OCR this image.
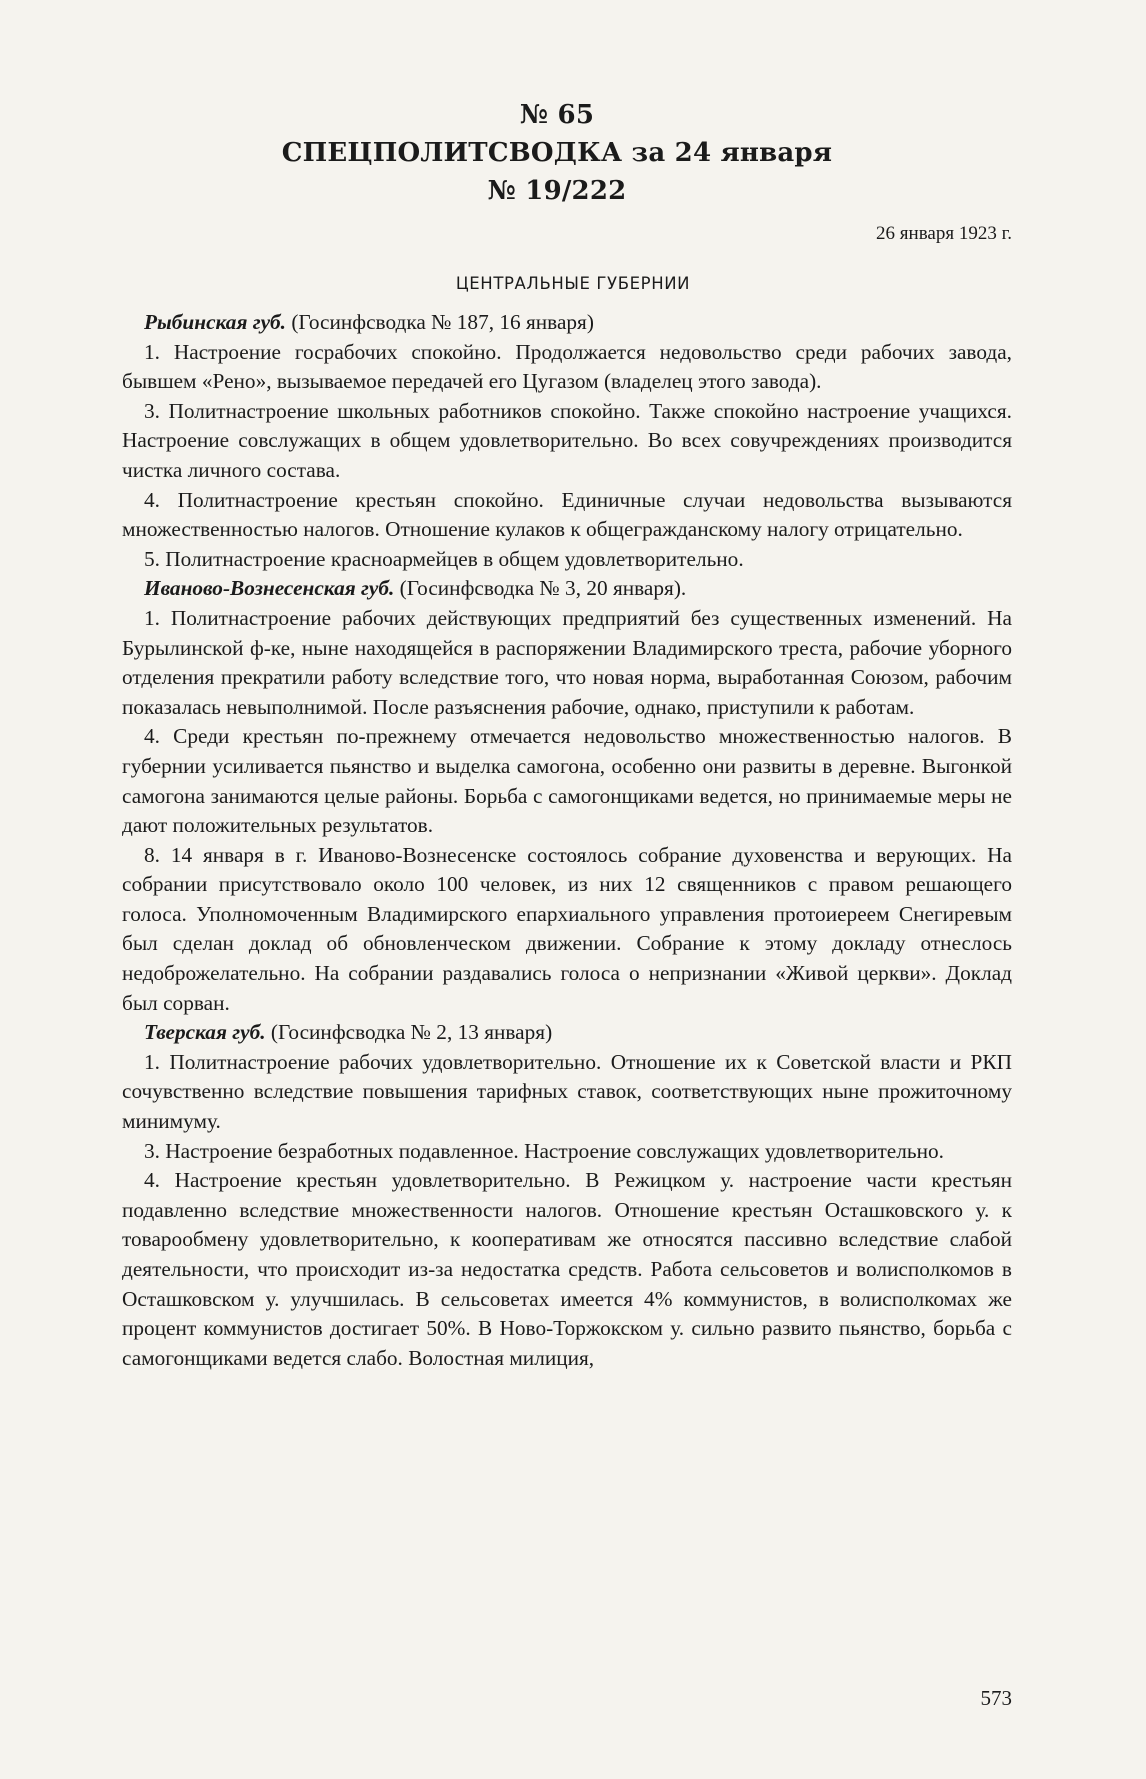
№ 65
СПЕЦПОЛИТСВОДКА за 24 января
№ 19/222
26 января 1923 г.
ЦЕНТРАЛЬНЫЕ ГУБЕРНИИ

Рыбинская губ. (Госинфсводка № 187, 16 января)

1. Настроение госрабочих спокойно. Продолжается недовольство среди рабочих завода, бывшем «Рено», вызываемое передачей его Цугазом (владелец этого завода).

3. Политнастроение школьных работников спокойно. Также спокойно настроение учащихся. Настроение совслужащих в общем удовлетворительно. Во всех совучреждениях производится чистка личного состава.

4. Политнастроение крестьян спокойно. Единичные случаи недовольства вызываются множественностью налогов. Отношение кулаков к общегражданскому налогу отрицательно.

5. Политнастроение красноармейцев в общем удовлетворительно.

Иваново-Вознесенская губ. (Госинфсводка № 3, 20 января).

1. Политнастроение рабочих действующих предприятий без существенных изменений. На Бурылинской ф-ке, ныне находящейся в распоряжении Владимирского треста, рабочие уборного отделения прекратили работу вследствие того, что новая норма, выработанная Союзом, рабочим показалась невыполнимой. После разъяснения рабочие, однако, приступили к работам.

4. Среди крестьян по-прежнему отмечается недовольство множественностью налогов. В губернии усиливается пьянство и выделка самогона, особенно они развиты в деревне. Выгонкой самогона занимаются целые районы. Борьба с самогонщиками ведется, но принимаемые меры не дают положительных результатов.

8. 14 января в г. Иваново-Вознесенске состоялось собрание духовенства и верующих. На собрании присутствовало около 100 человек, из них 12 священников с правом решающего голоса. Уполномоченным Владимирского епархиального управления протоиереем Снегиревым был сделан доклад об обновленческом движении. Собрание к этому докладу отнеслось недоброжелательно. На собрании раздавались голоса о непризнании «Живой церкви». Доклад был сорван.

Тверская губ. (Госинфсводка № 2, 13 января)

1. Политнастроение рабочих удовлетворительно. Отношение их к Советской власти и РКП сочувственно вследствие повышения тарифных ставок, соответствующих ныне прожиточному минимуму.

3. Настроение безработных подавленное. Настроение совслужащих удовлетворительно.

4. Настроение крестьян удовлетворительно. В Режицком у. настроение части крестьян подавленно вследствие множественности налогов. Отношение крестьян Осташковского у. к товарообмену удовлетворительно, к кооперативам же относятся пассивно вследствие слабой деятельности, что происходит из-за недостатка средств. Работа сельсоветов и волисполкомов в Осташковском у. улучшилась. В сельсоветах имеется 4% коммунистов, в волисполкомах же процент коммунистов достигает 50%. В Ново-Торжокском у. сильно развито пьянство, борьба с самогонщиками ведется слабо. Волостная милиция,

573
